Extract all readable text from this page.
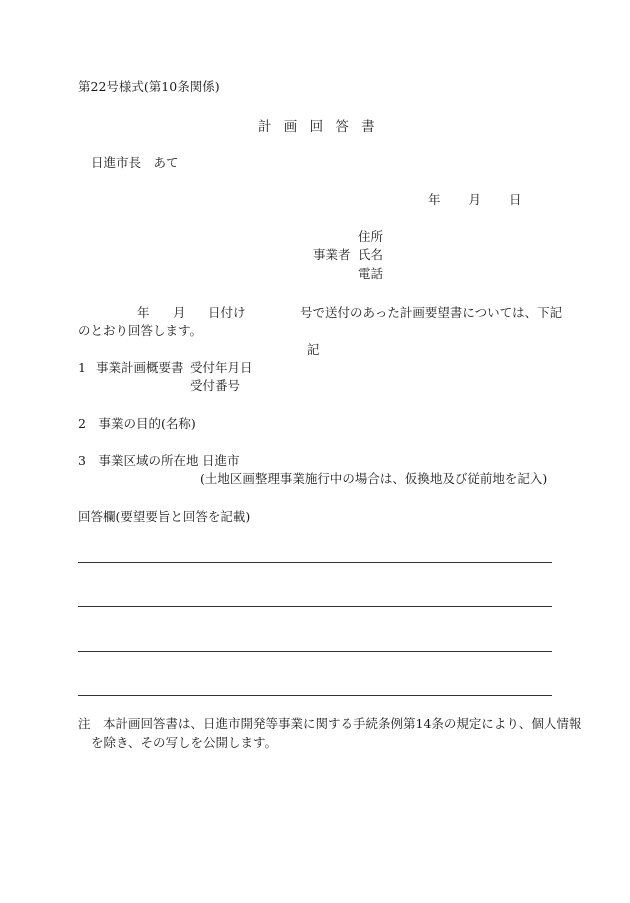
第22号様式(第10条関係)
計 画 回 答 書
日進市長　あて
年 月 日
住所
事業者 氏名
電話
年 月 日付け	号で送付のあった計画要望書については、下記
のとおり回答します。
記
1 事業計画概要書 受付年月日
受付番号
2　事業の目的(名称)
3　事業区域の所在地 日進市
(土地区画整理事業施行中の場合は、仮換地及び従前地を記入)
回答欄(要望要旨と回答を記載)
注 本計画回答書は、日進市開発等事業に関する手続条例第14条の規定により、個人情報
を除き、その写しを公開します。
